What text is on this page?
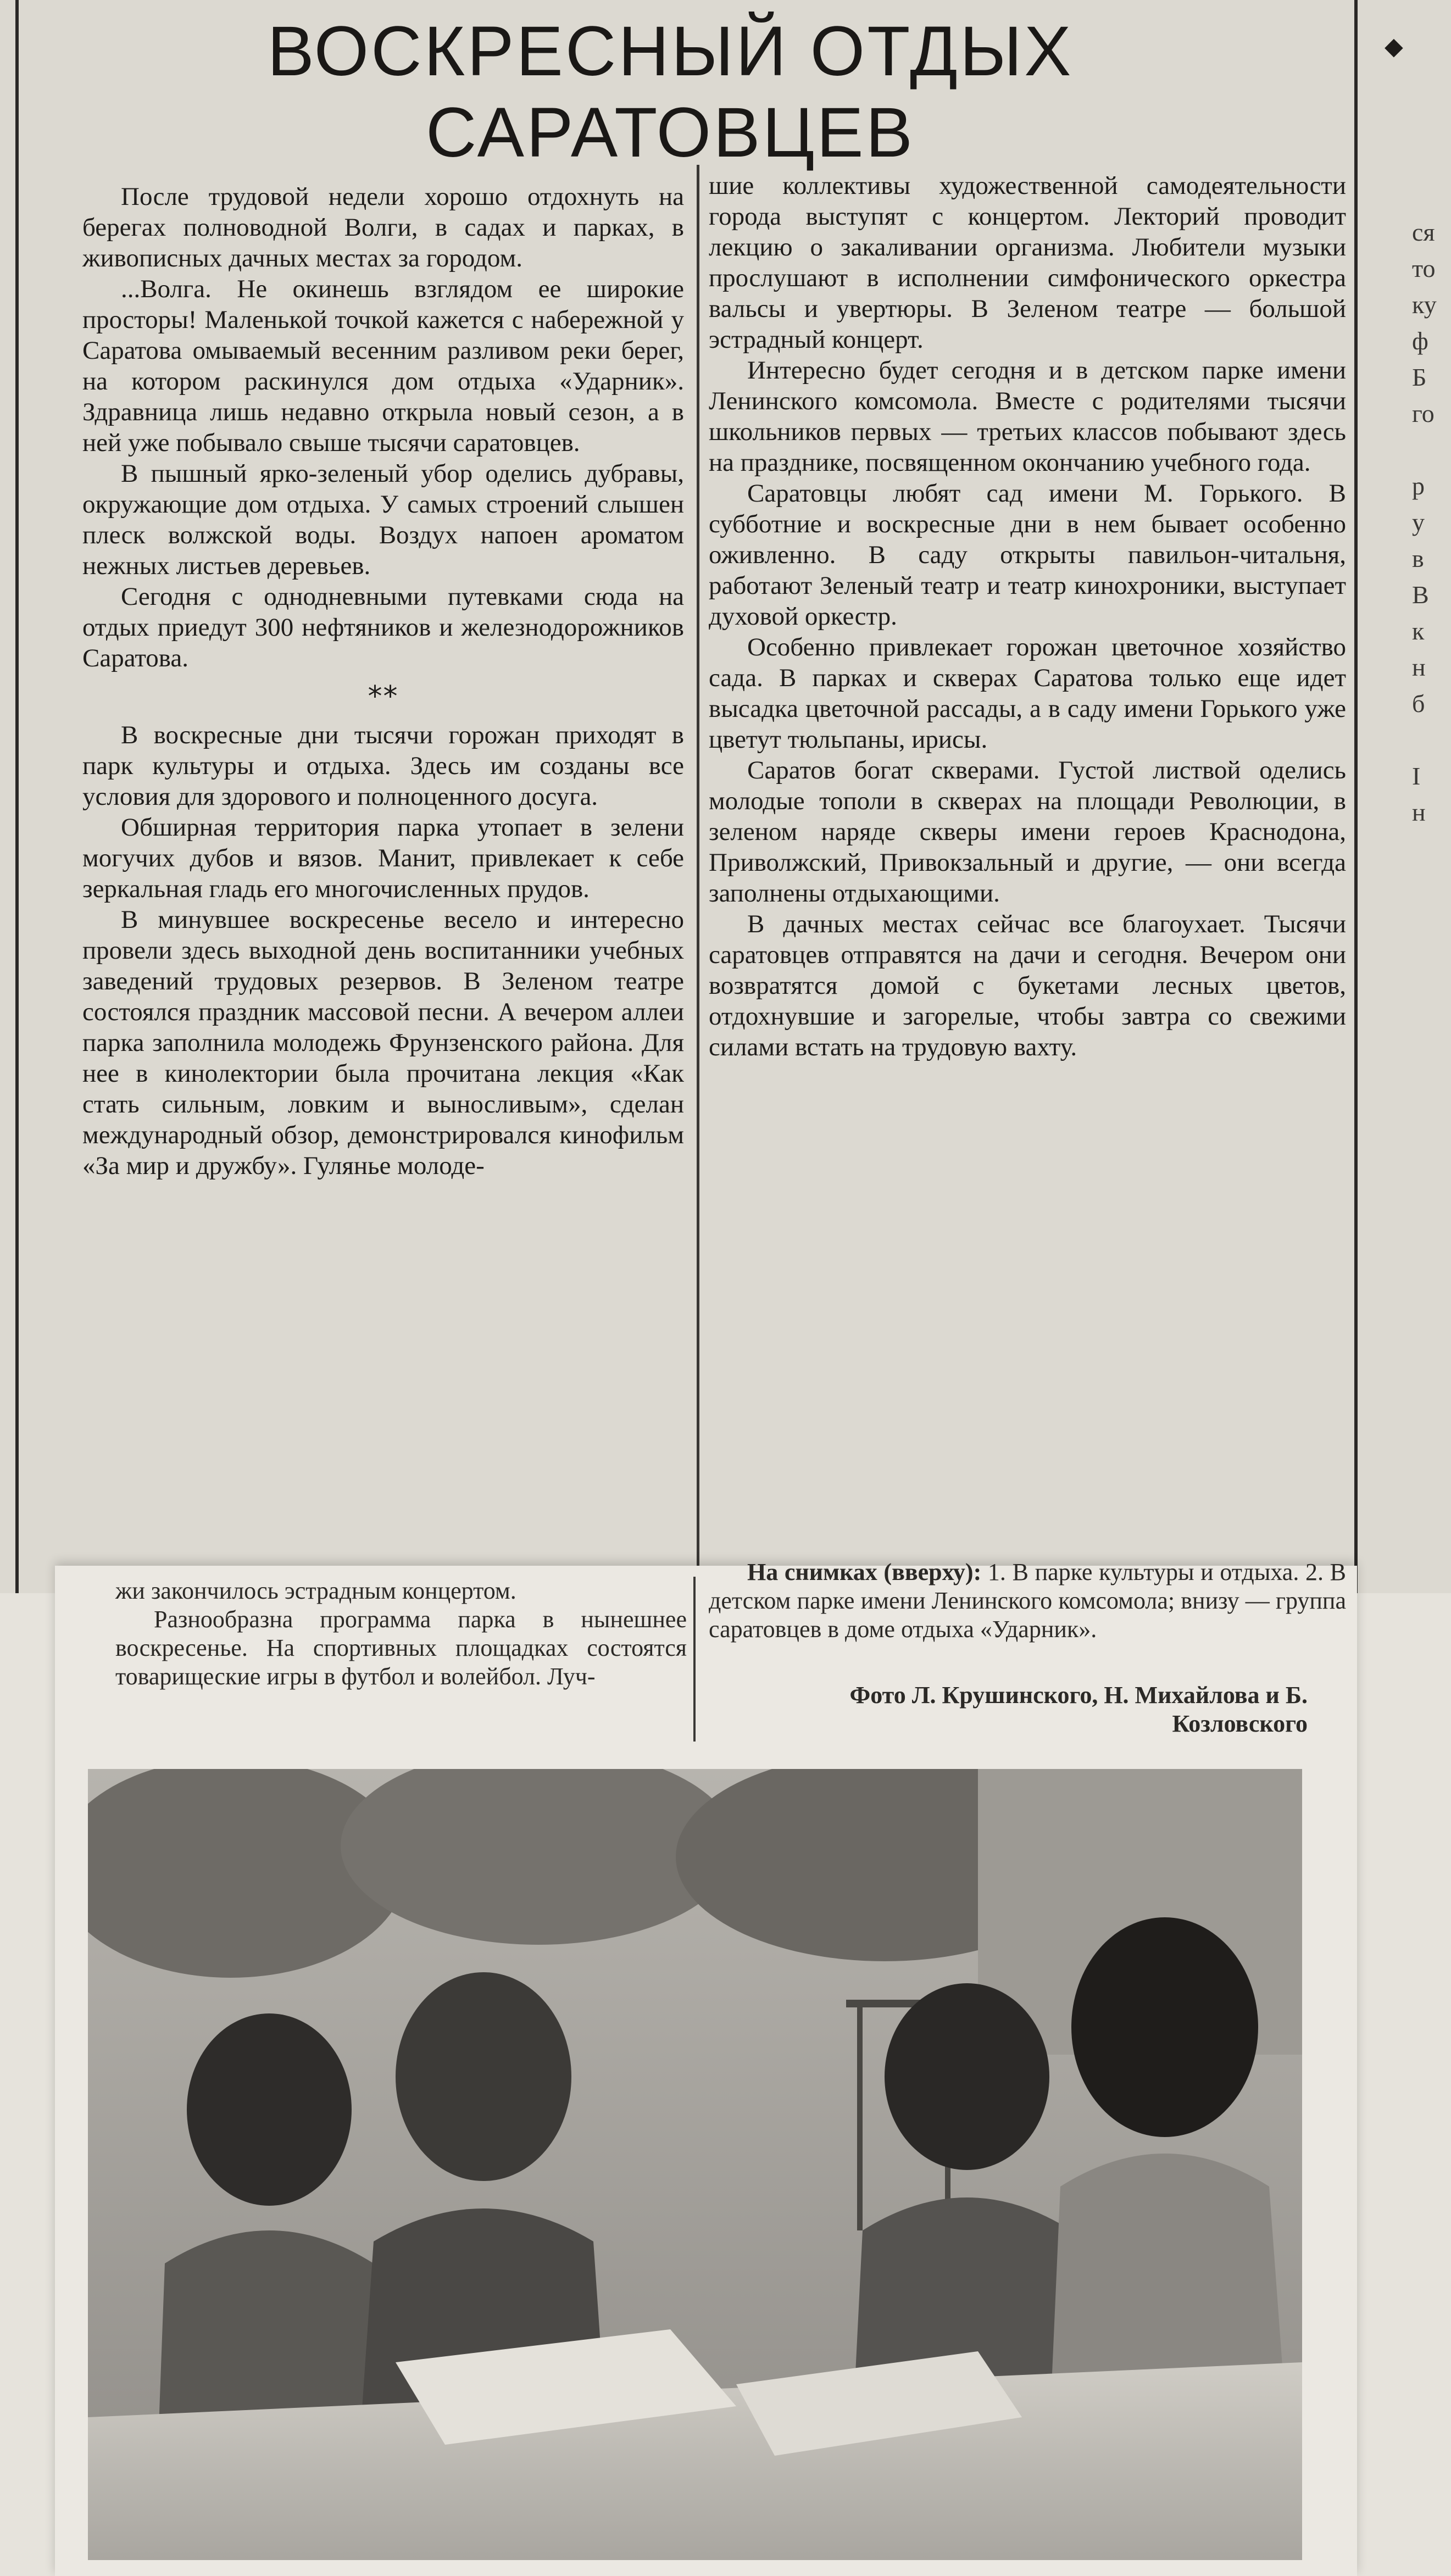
◆
ся
то
ку
ф
Б
го

р
у
в
В
к
н
б

I
н
ВОСКРЕСНЫЙ ОТДЫХ САРАТОВЦЕВ

После трудовой недели хорошо отдохнуть на берегах полноводной Волги, в садах и парках, в живописных дачных местах за городом.

...Волга. Не окинешь взглядом ее широкие просторы! Маленькой точкой кажется с набережной у Саратова омываемый весенним разливом реки берег, на котором раскинулся дом отдыха «Ударник». Здравница лишь недавно открыла новый сезон, а в ней уже побывало свыше тысячи саратовцев.

В пышный ярко-зеленый убор оделись дубравы, окружающие дом отдыха. У самых строений слышен плеск волжской воды. Воздух напоен ароматом нежных листьев деревьев.

Сегодня с однодневными путевками сюда на отдых приедут 300 нефтяников и железнодорожников Саратова.

**

В воскресные дни тысячи горожан приходят в парк культуры и отдыха. Здесь им созданы все условия для здорового и полноценного досуга.

Обширная территория парка утопает в зелени могучих дубов и вязов. Манит, привлекает к себе зеркальная гладь его многочисленных прудов.

В минувшее воскресенье весело и интересно провели здесь выходной день воспитанники учебных заведений трудовых резервов. В Зеленом театре состоялся праздник массовой песни. А вечером аллеи парка заполнила молодежь Фрунзенского района. Для нее в кинолектории была прочитана лекция «Как стать сильным, ловким и выносливым», сделан международный обзор, демонстрировался кинофильм «За мир и дружбу». Гулянье молоде-

шие коллективы художественной самодеятельности города выступят с концертом. Лекторий проводит лекцию о закаливании организма. Любители музыки прослушают в исполнении симфонического оркестра вальсы и увертюры. В Зеленом театре — большой эстрадный концерт.

Интересно будет сегодня и в детском парке имени Ленинского комсомола. Вместе с родителями тысячи школьников первых — третьих классов побывают здесь на празднике, посвященном окончанию учебного года.

Саратовцы любят сад имени М. Горького. В субботние и воскресные дни в нем бывает особенно оживленно. В саду открыты павильон-читальня, работают Зеленый театр и театр кинохроники, выступает духовой оркестр.

Особенно привлекает горожан цветочное хозяйство сада. В парках и скверах Саратова только еще идет высадка цветочной рассады, а в саду имени Горького уже цветут тюльпаны, ирисы.

Саратов богат скверами. Густой листвой оделись молодые тополи в скверах на площади Революции, в зеленом наряде скверы имени героев Краснодона, Приволжский, Привокзальный и другие, — они всегда заполнены отдыхающими.

В дачных местах сейчас все благоухает. Тысячи саратовцев отправятся на дачи и сегодня. Вечером они возвратятся домой с букетами лесных цветов, отдохнувшие и загорелые, чтобы завтра со свежими силами встать на трудовую вахту.

жи закончилось эстрадным концертом.

Разнообразна программа парка в нынешнее воскресенье. На спортивных площадках состоятся товарищеские игры в футбол и волейбол. Луч-

На снимках (вверху): 1. В парке культуры и отдыха. 2. В детском парке имени Ленинского комсомола; внизу — группа саратовцев в доме отдыха «Ударник».

Фото Л. Крушинского, Н. Михайлова и Б. Козловского
